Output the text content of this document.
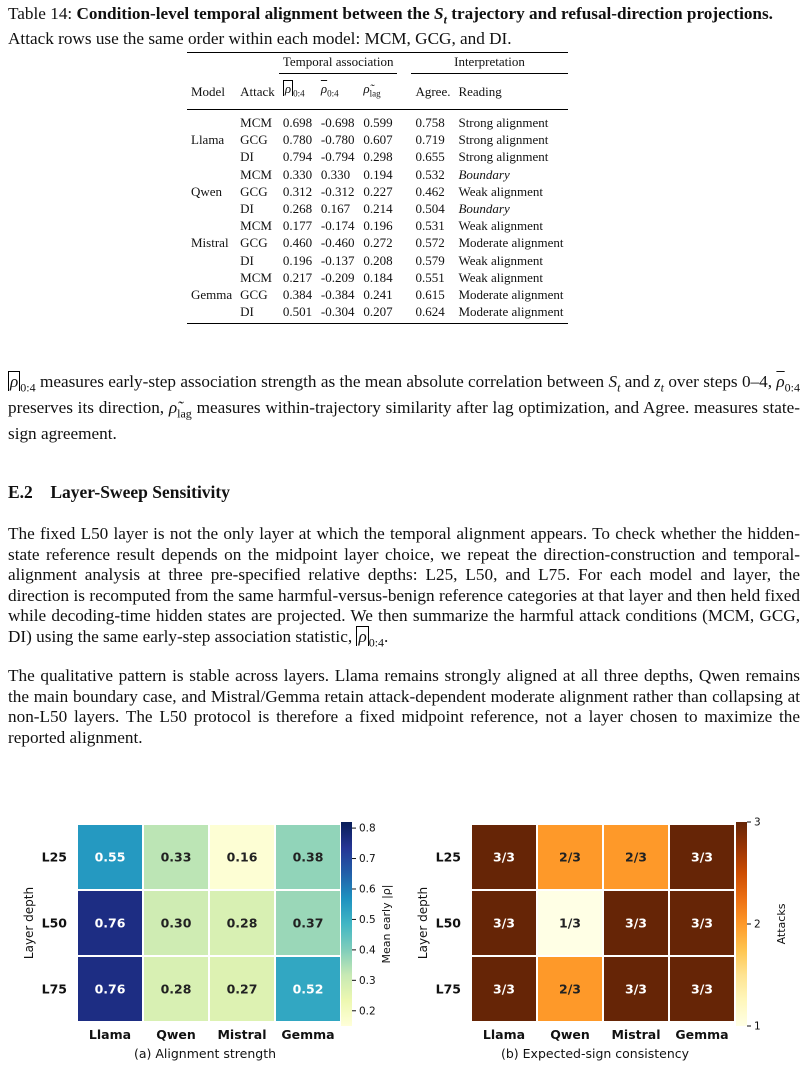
Table 14: Condition-level temporal alignment between the $S_t$ trajectory and refusal-direction projections. Attack rows use the same order within each model: MCM, GCG, and DI.
		Temporal association				Interpretation	
Model	Attack	ρ $_{0:4}$	$\overline{\rho}_{0:4}$	$\rhõ_{lag}$		Agree.	Reading
	MCM	0.698	-0.698	0.599		0.758	Strong alignment
Llama	GCG	0.780	-0.780	0.607		0.719	Strong alignment
	DI	0.794	-0.794	0.298		0.655	Strong alignment
	MCM	0.330	0.330	0.194		0.532	Boundary
Qwen	GCG	0.312	-0.312	0.227		0.462	Weak alignment
	DI	0.268	0.167	0.214		0.504	Boundary
	MCM	0.177	-0.174	0.196		0.531	Weak alignment
Mistral	GCG	0.460	-0.460	0.272		0.572	Moderate alignment
	DI	0.196	-0.137	0.208		0.579	Weak alignment
	MCM	0.217	-0.209	0.184		0.551	Weak alignment
Gemma	GCG	0.384	-0.384	0.241		0.615	Moderate alignment
	DI	0.501	-0.304	0.207		0.624	Moderate alignment
ρ $_{0:4}$ measures early-step association strength as the mean absolute correlation between $S_t$ and $z_t$ over steps 0–4, $\overline{\rho}_{0:4}$ preserves its direction, $\rhõ_{lag}$ measures within-trajectory similarity after lag optimization, and Agree. measures state-sign agreement.
E.2 Layer-Sweep Sensitivity
The fixed L50 layer is not the only layer at which the temporal alignment appears. To check whether the hidden-state reference result depends on the midpoint layer choice, we repeat the direction-construction and temporal-alignment analysis at three pre-specified relative depths: L25, L50, and L75. For each model and layer, the direction is recomputed from the same harmful-versus-benign reference categories at that layer and then held fixed while decoding-time hidden states are projected. We then summarize the harmful attack conditions (MCM, GCG, DI) using the same early-step association statistic, ρ $_{0:4}$.
The qualitative pattern is stable across layers. Llama remains strongly aligned at all three depths, Qwen remains the main boundary case, and Mistral/Gemma retain attack-dependent moderate alignment rather than collapsing at non-L50 layers. The L50 protocol is therefore a fixed midpoint reference, not a layer chosen to maximize the reported alignment.
0.55	0.33	0.16	0.38
0.76	0.30	0.28	0.37
0.76	0.28	0.27	0.52
L25
L50
L75
Llama Qwen Mistral Gemma
Layer depth
0.2
0.3
0.4
0.5
0.6
0.7
0.8
Mean early |ρ|
3/3	2/3	2/3	3/3
3/3	1/3	3/3	3/3
3/3	2/3	3/3	3/3
L25
L50
L75
Llama Qwen Mistral Gemma
Layer depth
1
2
3
Attacks
(a) Alignment strength	(b) Expected-sign consistency
